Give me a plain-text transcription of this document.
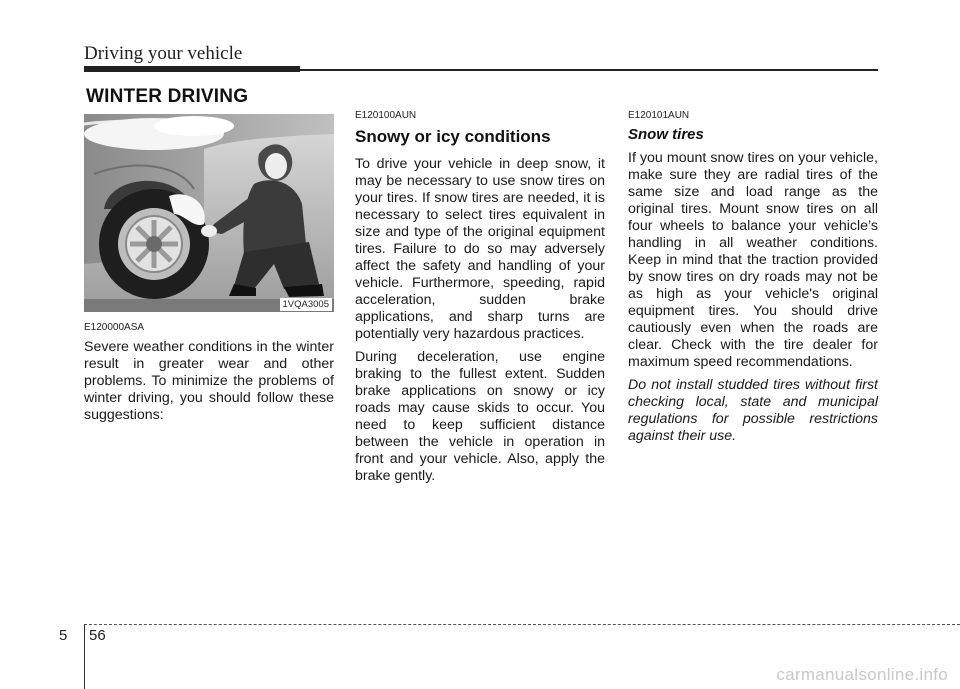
Driving your vehicle
WINTER DRIVING
1VQA3005

E120000ASA

Severe weather conditions in the winter result in greater wear and other problems. To minimize the problems of winter driving, you should follow these suggestions:

E120100AUN

Snowy or icy conditions

To drive your vehicle in deep snow, it may be necessary to use snow tires on your tires. If snow tires are needed, it is necessary to select tires equivalent in size and type of the original equipment tires. Failure to do so may adversely affect the safety and handling of your vehicle. Furthermore, speeding, rapid acceleration, sudden brake applications, and sharp turns are potentially very hazardous practices.

During deceleration, use engine braking to the fullest extent. Sudden brake applications on snowy or icy roads may cause skids to occur. You need to keep sufficient distance between the vehicle in operation in front and your vehicle. Also, apply the brake gently.

E120101AUN

Snow tires

If you mount snow tires on your vehicle, make sure they are radial tires of the same size and load range as the original tires. Mount snow tires on all four wheels to balance your vehicle’s handling in all weather conditions. Keep in mind that the traction provided by snow tires on dry roads may not be as high as your vehicle's original equipment tires. You should drive cautiously even when the roads are clear. Check with the tire dealer for maximum speed recommendations.

Do not install studded tires without first checking local, state and municipal regulations for possible restrictions against their use.

5 56
carmanualsonline.info
